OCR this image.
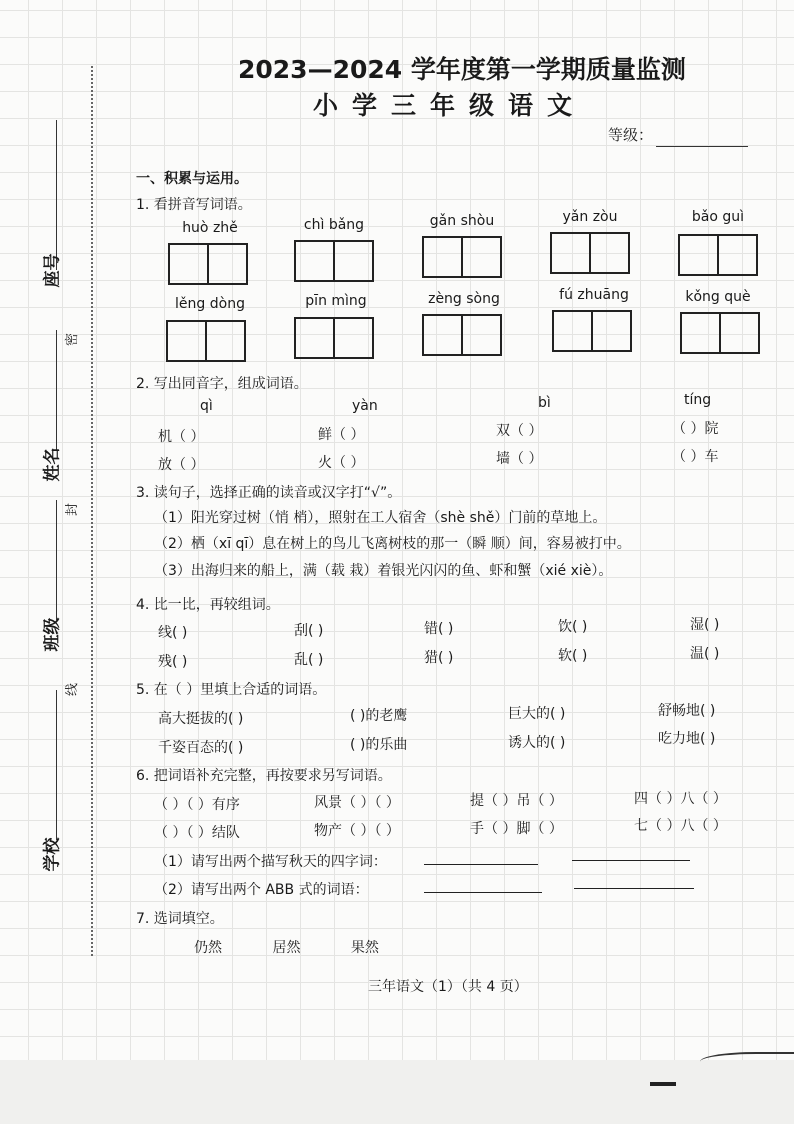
2023—2024 学年度第一学期质量监测
小学三年级语文
等级：
座号
姓名
班级
学校
密
封
线
一、积累与运用。
1. 看拼音写词语。
huò zhě	chì bǎng	gǎn shòu	yǎn zòu	bǎo guì
lěng dòng	pīn mìng	zèng sòng	fú zhuāng	kǒng què
2. 写出同音字，组成词语。
qì	yàn	bì	tíng
机（ ）	鲜（ ）	双（ ）	（ ）院
放（ ）	火（ ）	墙（ ）	（ ）车
3. 读句子，选择正确的读音或汉字打“√”。
（1）阳光穿过树（悄 梢），照射在工人宿舍（shè shě）门前的草地上。
（2）栖（xī qī）息在树上的鸟儿飞离树枝的那一（瞬 顺）间，容易被打中。
（3）出海归来的船上，满（载 栽）着银光闪闪的鱼、虾和蟹（xié xiè）。
4. 比一比，再较组词。
线( )	刮( )	错( )	饮( )	湿( )
残( )	乱( )	猎( )	软( )	温( )
5. 在（ ）里填上合适的词语。
高大挺拔的( )	( )的老鹰	巨大的( )	舒畅地( )
千姿百态的( )	( )的乐曲	诱人的( )	吃力地( )
6. 把词语补充完整，再按要求另写词语。
（ ）（ ）有序	风景（ ）（ ）	提（ ）吊（ ）	四（ ）八（ ）
（ ）（ ）结队	物产（ ）（ ）	手（ ）脚（ ）	七（ ）八（ ）
（1）请写出两个描写秋天的四字词：
（2）请写出两个 ABB 式的词语：
7. 选词填空。
仍然	居然	果然
三年语文（1）（共 4 页）
